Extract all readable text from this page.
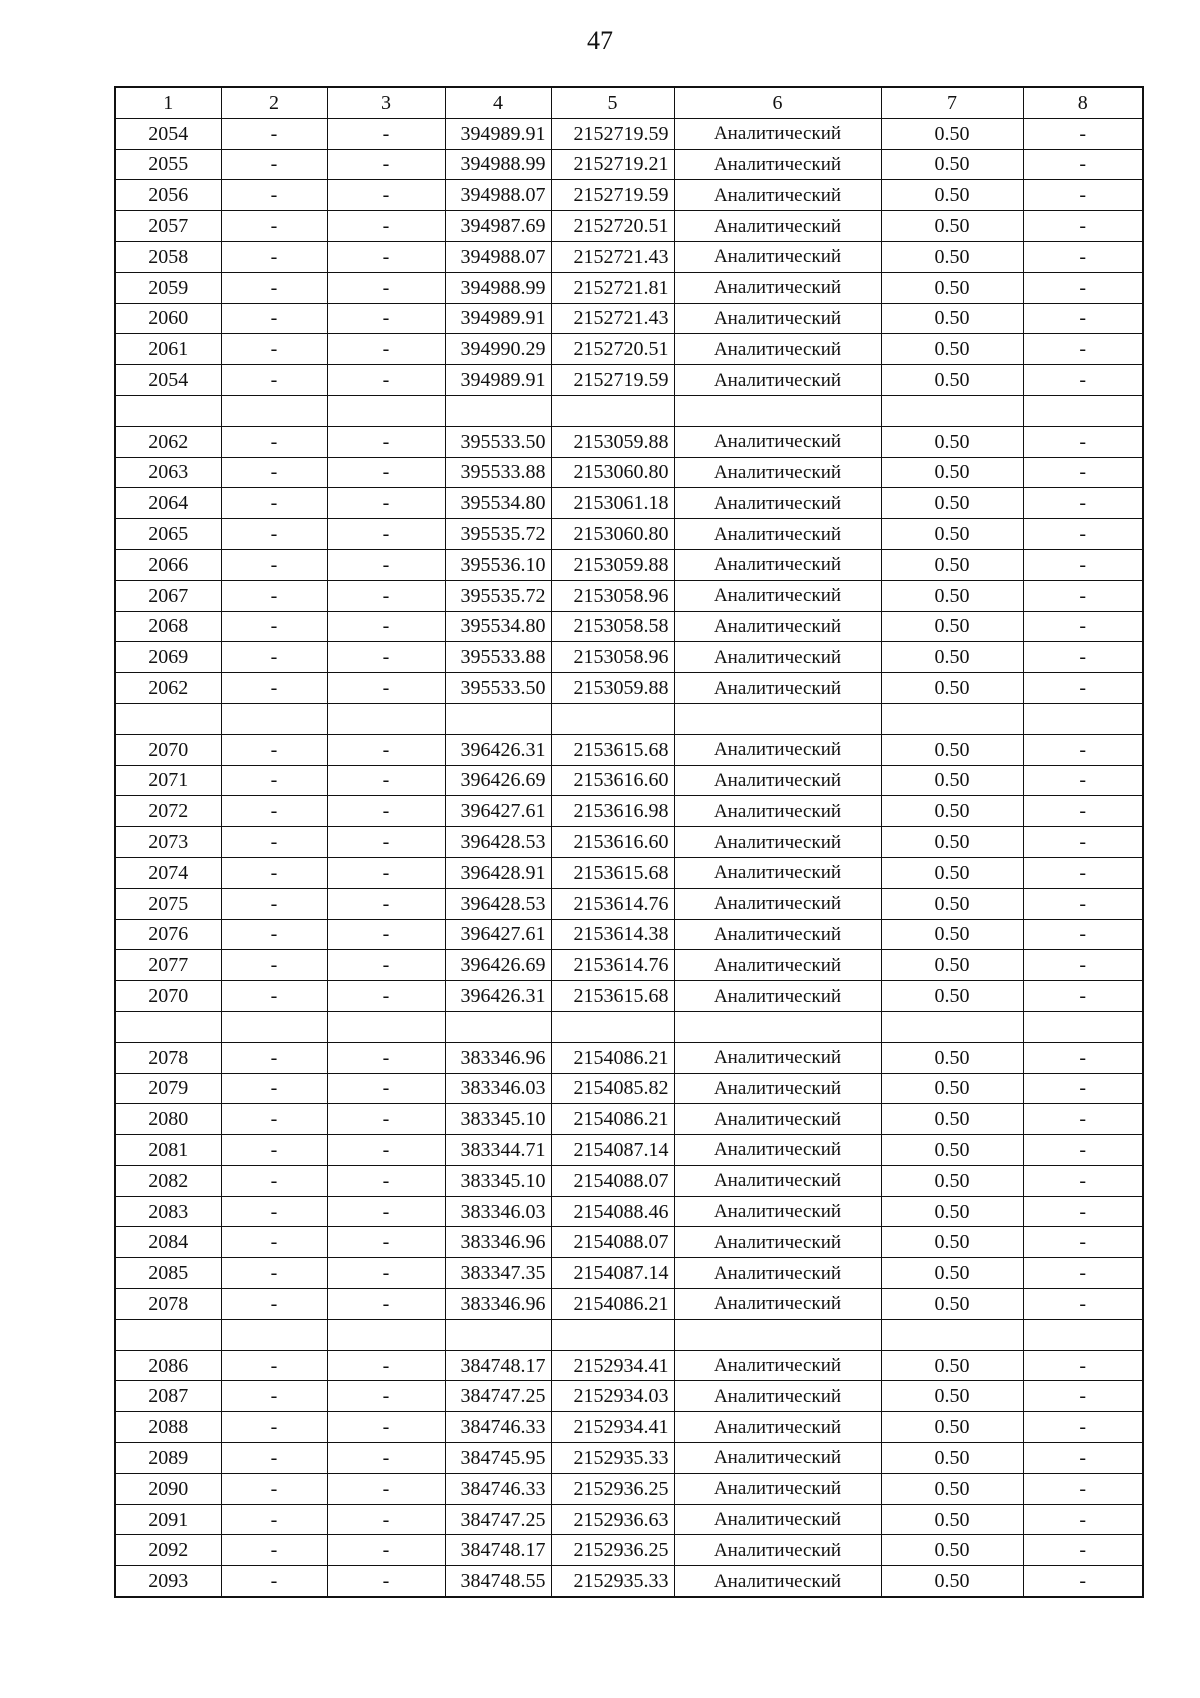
47
1	2	3	4	5	6	7	8
2054	-	-	394989.91	2152719.59	Аналитический	0.50	-
2055	-	-	394988.99	2152719.21	Аналитический	0.50	-
2056	-	-	394988.07	2152719.59	Аналитический	0.50	-
2057	-	-	394987.69	2152720.51	Аналитический	0.50	-
2058	-	-	394988.07	2152721.43	Аналитический	0.50	-
2059	-	-	394988.99	2152721.81	Аналитический	0.50	-
2060	-	-	394989.91	2152721.43	Аналитический	0.50	-
2061	-	-	394990.29	2152720.51	Аналитический	0.50	-
2054	-	-	394989.91	2152719.59	Аналитический	0.50	-

2062	-	-	395533.50	2153059.88	Аналитический	0.50	-
2063	-	-	395533.88	2153060.80	Аналитический	0.50	-
2064	-	-	395534.80	2153061.18	Аналитический	0.50	-
2065	-	-	395535.72	2153060.80	Аналитический	0.50	-
2066	-	-	395536.10	2153059.88	Аналитический	0.50	-
2067	-	-	395535.72	2153058.96	Аналитический	0.50	-
2068	-	-	395534.80	2153058.58	Аналитический	0.50	-
2069	-	-	395533.88	2153058.96	Аналитический	0.50	-
2062	-	-	395533.50	2153059.88	Аналитический	0.50	-

2070	-	-	396426.31	2153615.68	Аналитический	0.50	-
2071	-	-	396426.69	2153616.60	Аналитический	0.50	-
2072	-	-	396427.61	2153616.98	Аналитический	0.50	-
2073	-	-	396428.53	2153616.60	Аналитический	0.50	-
2074	-	-	396428.91	2153615.68	Аналитический	0.50	-
2075	-	-	396428.53	2153614.76	Аналитический	0.50	-
2076	-	-	396427.61	2153614.38	Аналитический	0.50	-
2077	-	-	396426.69	2153614.76	Аналитический	0.50	-
2070	-	-	396426.31	2153615.68	Аналитический	0.50	-

2078	-	-	383346.96	2154086.21	Аналитический	0.50	-
2079	-	-	383346.03	2154085.82	Аналитический	0.50	-
2080	-	-	383345.10	2154086.21	Аналитический	0.50	-
2081	-	-	383344.71	2154087.14	Аналитический	0.50	-
2082	-	-	383345.10	2154088.07	Аналитический	0.50	-
2083	-	-	383346.03	2154088.46	Аналитический	0.50	-
2084	-	-	383346.96	2154088.07	Аналитический	0.50	-
2085	-	-	383347.35	2154087.14	Аналитический	0.50	-
2078	-	-	383346.96	2154086.21	Аналитический	0.50	-

2086	-	-	384748.17	2152934.41	Аналитический	0.50	-
2087	-	-	384747.25	2152934.03	Аналитический	0.50	-
2088	-	-	384746.33	2152934.41	Аналитический	0.50	-
2089	-	-	384745.95	2152935.33	Аналитический	0.50	-
2090	-	-	384746.33	2152936.25	Аналитический	0.50	-
2091	-	-	384747.25	2152936.63	Аналитический	0.50	-
2092	-	-	384748.17	2152936.25	Аналитический	0.50	-
2093	-	-	384748.55	2152935.33	Аналитический	0.50	-
